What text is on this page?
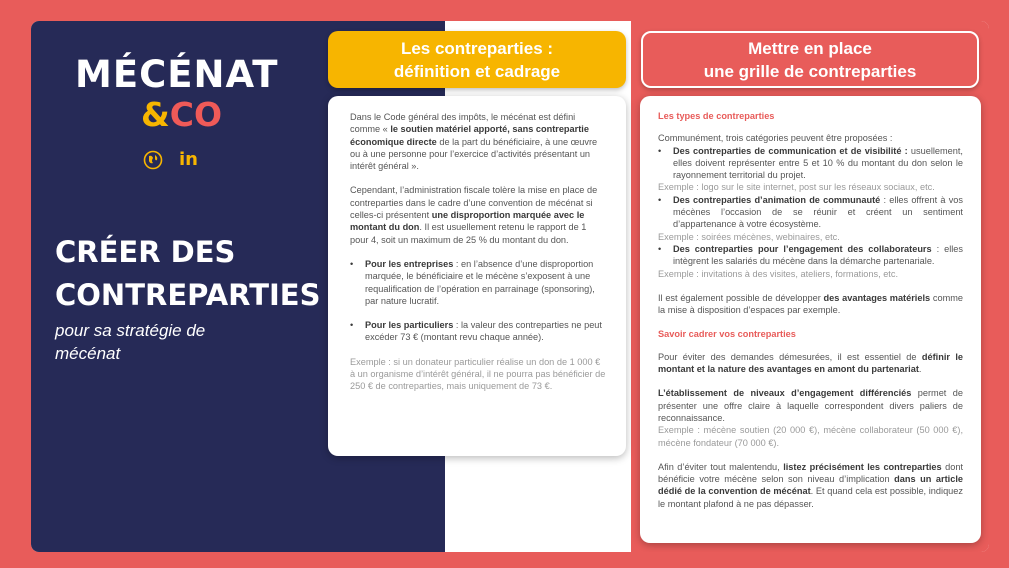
MÉCÉNAT
&CO
in
CRÉER DES
CONTREPARTIES
pour sa stratégie de mécénat
Les contreparties :
définition et cadrage
Mettre en place
une grille de contreparties

Dans le Code général des impôts, le mécénat est défini comme « le soutien matériel apporté, sans contrepartie économique directe de la part du bénéficiaire, à une œuvre ou à une personne pour l’exercice d’activités présentant un intérêt général ».

Cependant, l’administration fiscale tolère la mise en place de contreparties dans le cadre d’une convention de mécénat si celles-ci présentent une disproportion marquée avec le montant du don. Il est usuellement retenu le rapport de 1 pour 4, soit un maximum de 25 % du montant du don.

• Pour les entreprises : en l’absence d’une disproportion marquée, le bénéficiaire et le mécène s’exposent à une requalification de l’opération en parrainage (sponsoring), par nature lucratif.
• Pour les particuliers : la valeur des contreparties ne peut excéder 73 € (montant revu chaque année).

Exemple : si un donateur particulier réalise un don de 1 000 € à un organisme d’intérêt général, il ne pourra pas bénéficier de 250 € de contreparties, mais uniquement de 73 €.

Les types de contreparties
Communément, trois catégories peuvent être proposées :
• Des contreparties de communication et de visibilité : usuellement, elles doivent représenter entre 5 et 10 % du montant du don selon le rayonnement territorial du projet.
Exemple : logo sur le site internet, post sur les réseaux sociaux, etc.
• Des contreparties d’animation de communauté : elles offrent à vos mécènes l’occasion de se réunir et créent un sentiment d’appartenance à votre écosystème.
Exemple : soirées mécènes, webinaires, etc.
• Des contreparties pour l’engagement des collaborateurs : elles intègrent les salariés du mécène dans la démarche partenariale.
Exemple : invitations à des visites, ateliers, formations, etc.

Il est également possible de développer des avantages matériels comme la mise à disposition d’espaces par exemple.

Savoir cadrer vos contreparties

Pour éviter des demandes démesurées, il est essentiel de définir le montant et la nature des avantages en amont du partenariat.

L’établissement de niveaux d’engagement différenciés permet de présenter une offre claire à laquelle correspondent divers paliers de reconnaissance.
Exemple : mécène soutien (20 000 €), mécène collaborateur (50 000 €), mécène fondateur (70 000 €).

Afin d’éviter tout malentendu, listez précisément les contreparties dont bénéficie votre mécène selon son niveau d’implication dans un article dédié de la convention de mécénat. Et quand cela est possible, indiquez le montant plafond à ne pas dépasser.
